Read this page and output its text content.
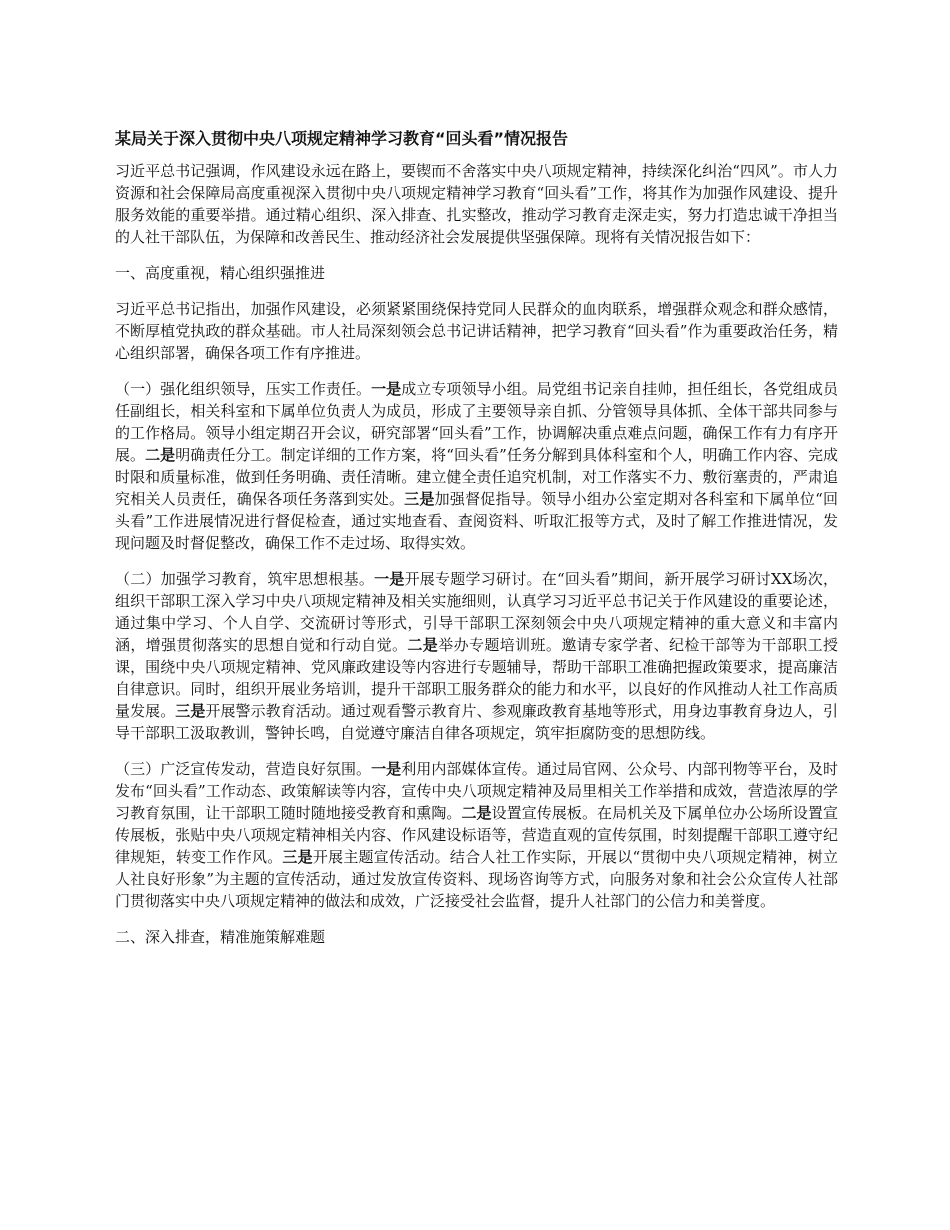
某局关于深入贯彻中央八项规定精神学习教育“回头看”情况报告

习近平总书记强调，作风建设永远在路上，要锲而不舍落实中央八项规定精神，持续深化纠治“四风”。市人力资源和社会保障局高度重视深入贯彻中央八项规定精神学习教育“回头看”工作，将其作为加强作风建设、提升服务效能的重要举措。通过精心组织、深入排查、扎实整改，推动学习教育走深走实，努力打造忠诚干净担当的人社干部队伍，为保障和改善民生、推动经济社会发展提供坚强保障。现将有关情况报告如下：

一、高度重视，精心组织强推进

习近平总书记指出，加强作风建设，必须紧紧围绕保持党同人民群众的血肉联系，增强群众观念和群众感情，不断厚植党执政的群众基础。市人社局深刻领会总书记讲话精神，把学习教育“回头看”作为重要政治任务，精心组织部署，确保各项工作有序推进。

（一）强化组织领导，压实工作责任。一是成立专项领导小组。局党组书记亲自挂帅，担任组长，各党组成员任副组长，相关科室和下属单位负责人为成员，形成了主要领导亲自抓、分管领导具体抓、全体干部共同参与的工作格局。领导小组定期召开会议，研究部署“回头看”工作，协调解决重点难点问题，确保工作有力有序开展。二是明确责任分工。制定详细的工作方案，将“回头看”任务分解到具体科室和个人，明确工作内容、完成时限和质量标准，做到任务明确、责任清晰。建立健全责任追究机制，对工作落实不力、敷衍塞责的，严肃追究相关人员责任，确保各项任务落到实处。三是加强督促指导。领导小组办公室定期对各科室和下属单位“回头看”工作进展情况进行督促检查，通过实地查看、查阅资料、听取汇报等方式，及时了解工作推进情况，发现问题及时督促整改，确保工作不走过场、取得实效。

（二）加强学习教育，筑牢思想根基。一是开展专题学习研讨。在“回头看”期间，新开展学习研讨XX场次，组织干部职工深入学习中央八项规定精神及相关实施细则，认真学习习近平总书记关于作风建设的重要论述，通过集中学习、个人自学、交流研讨等形式，引导干部职工深刻领会中央八项规定精神的重大意义和丰富内涵，增强贯彻落实的思想自觉和行动自觉。二是举办专题培训班。邀请专家学者、纪检干部等为干部职工授课，围绕中央八项规定精神、党风廉政建设等内容进行专题辅导，帮助干部职工准确把握政策要求，提高廉洁自律意识。同时，组织开展业务培训，提升干部职工服务群众的能力和水平，以良好的作风推动人社工作高质量发展。三是开展警示教育活动。通过观看警示教育片、参观廉政教育基地等形式，用身边事教育身边人，引导干部职工汲取教训，警钟长鸣，自觉遵守廉洁自律各项规定，筑牢拒腐防变的思想防线。

（三）广泛宣传发动，营造良好氛围。一是利用内部媒体宣传。通过局官网、公众号、内部刊物等平台，及时发布“回头看”工作动态、政策解读等内容，宣传中央八项规定精神及局里相关工作举措和成效，营造浓厚的学习教育氛围，让干部职工随时随地接受教育和熏陶。二是设置宣传展板。在局机关及下属单位办公场所设置宣传展板，张贴中央八项规定精神相关内容、作风建设标语等，营造直观的宣传氛围，时刻提醒干部职工遵守纪律规矩，转变工作作风。三是开展主题宣传活动。结合人社工作实际，开展以“贯彻中央八项规定精神，树立人社良好形象”为主题的宣传活动，通过发放宣传资料、现场咨询等方式，向服务对象和社会公众宣传人社部门贯彻落实中央八项规定精神的做法和成效，广泛接受社会监督，提升人社部门的公信力和美誉度。

二、深入排查，精准施策解难题
